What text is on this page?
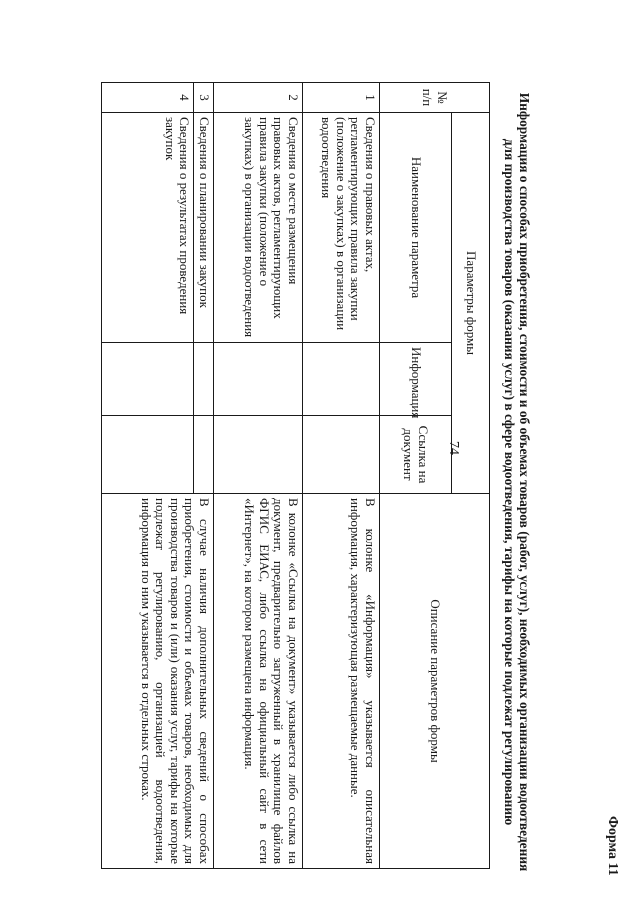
74
Форма 11
Информация о способах приобретения, стоимости и об объемах товаров (работ, услуг), необходимых организации водоотведения для производства товаров (оказания услуг) в сфере водоотведения, тарифы на которые подлежат регулированию
№ п/п	Параметры формы			Описание параметров формы
	Наименование параметра	Информация	Ссылка на документ	
1	Сведения о правовых актах, регламентирующих правила закупки (положение о закупках) в организации водоотведения			В колонке «Информация» указывается описательная информация, характеризующая размещаемые данные.
2	Сведения о месте размещения правовых актов, регламентирующих правила закупки (положение о закупках) в организации водоотведения			В колонке «Ссылка на документ» указывается либо ссылка на документ, предварительно загруженный в хранилище файлов ФГИС ЕИАС, либо ссылка на официальный сайт в сети «Интернет», на котором размещена информация.
3	Сведения о планировании закупок			В случае наличия дополнительных сведений о способах приобретения, стоимости и объемах товаров, необходимых для производства товаров и (или) оказания услуг, тарифы на которые подлежат регулированию, организацией водоотведения, информация по ним указывается в отдельных строках.
4	Сведения о результатах проведения закупок			
